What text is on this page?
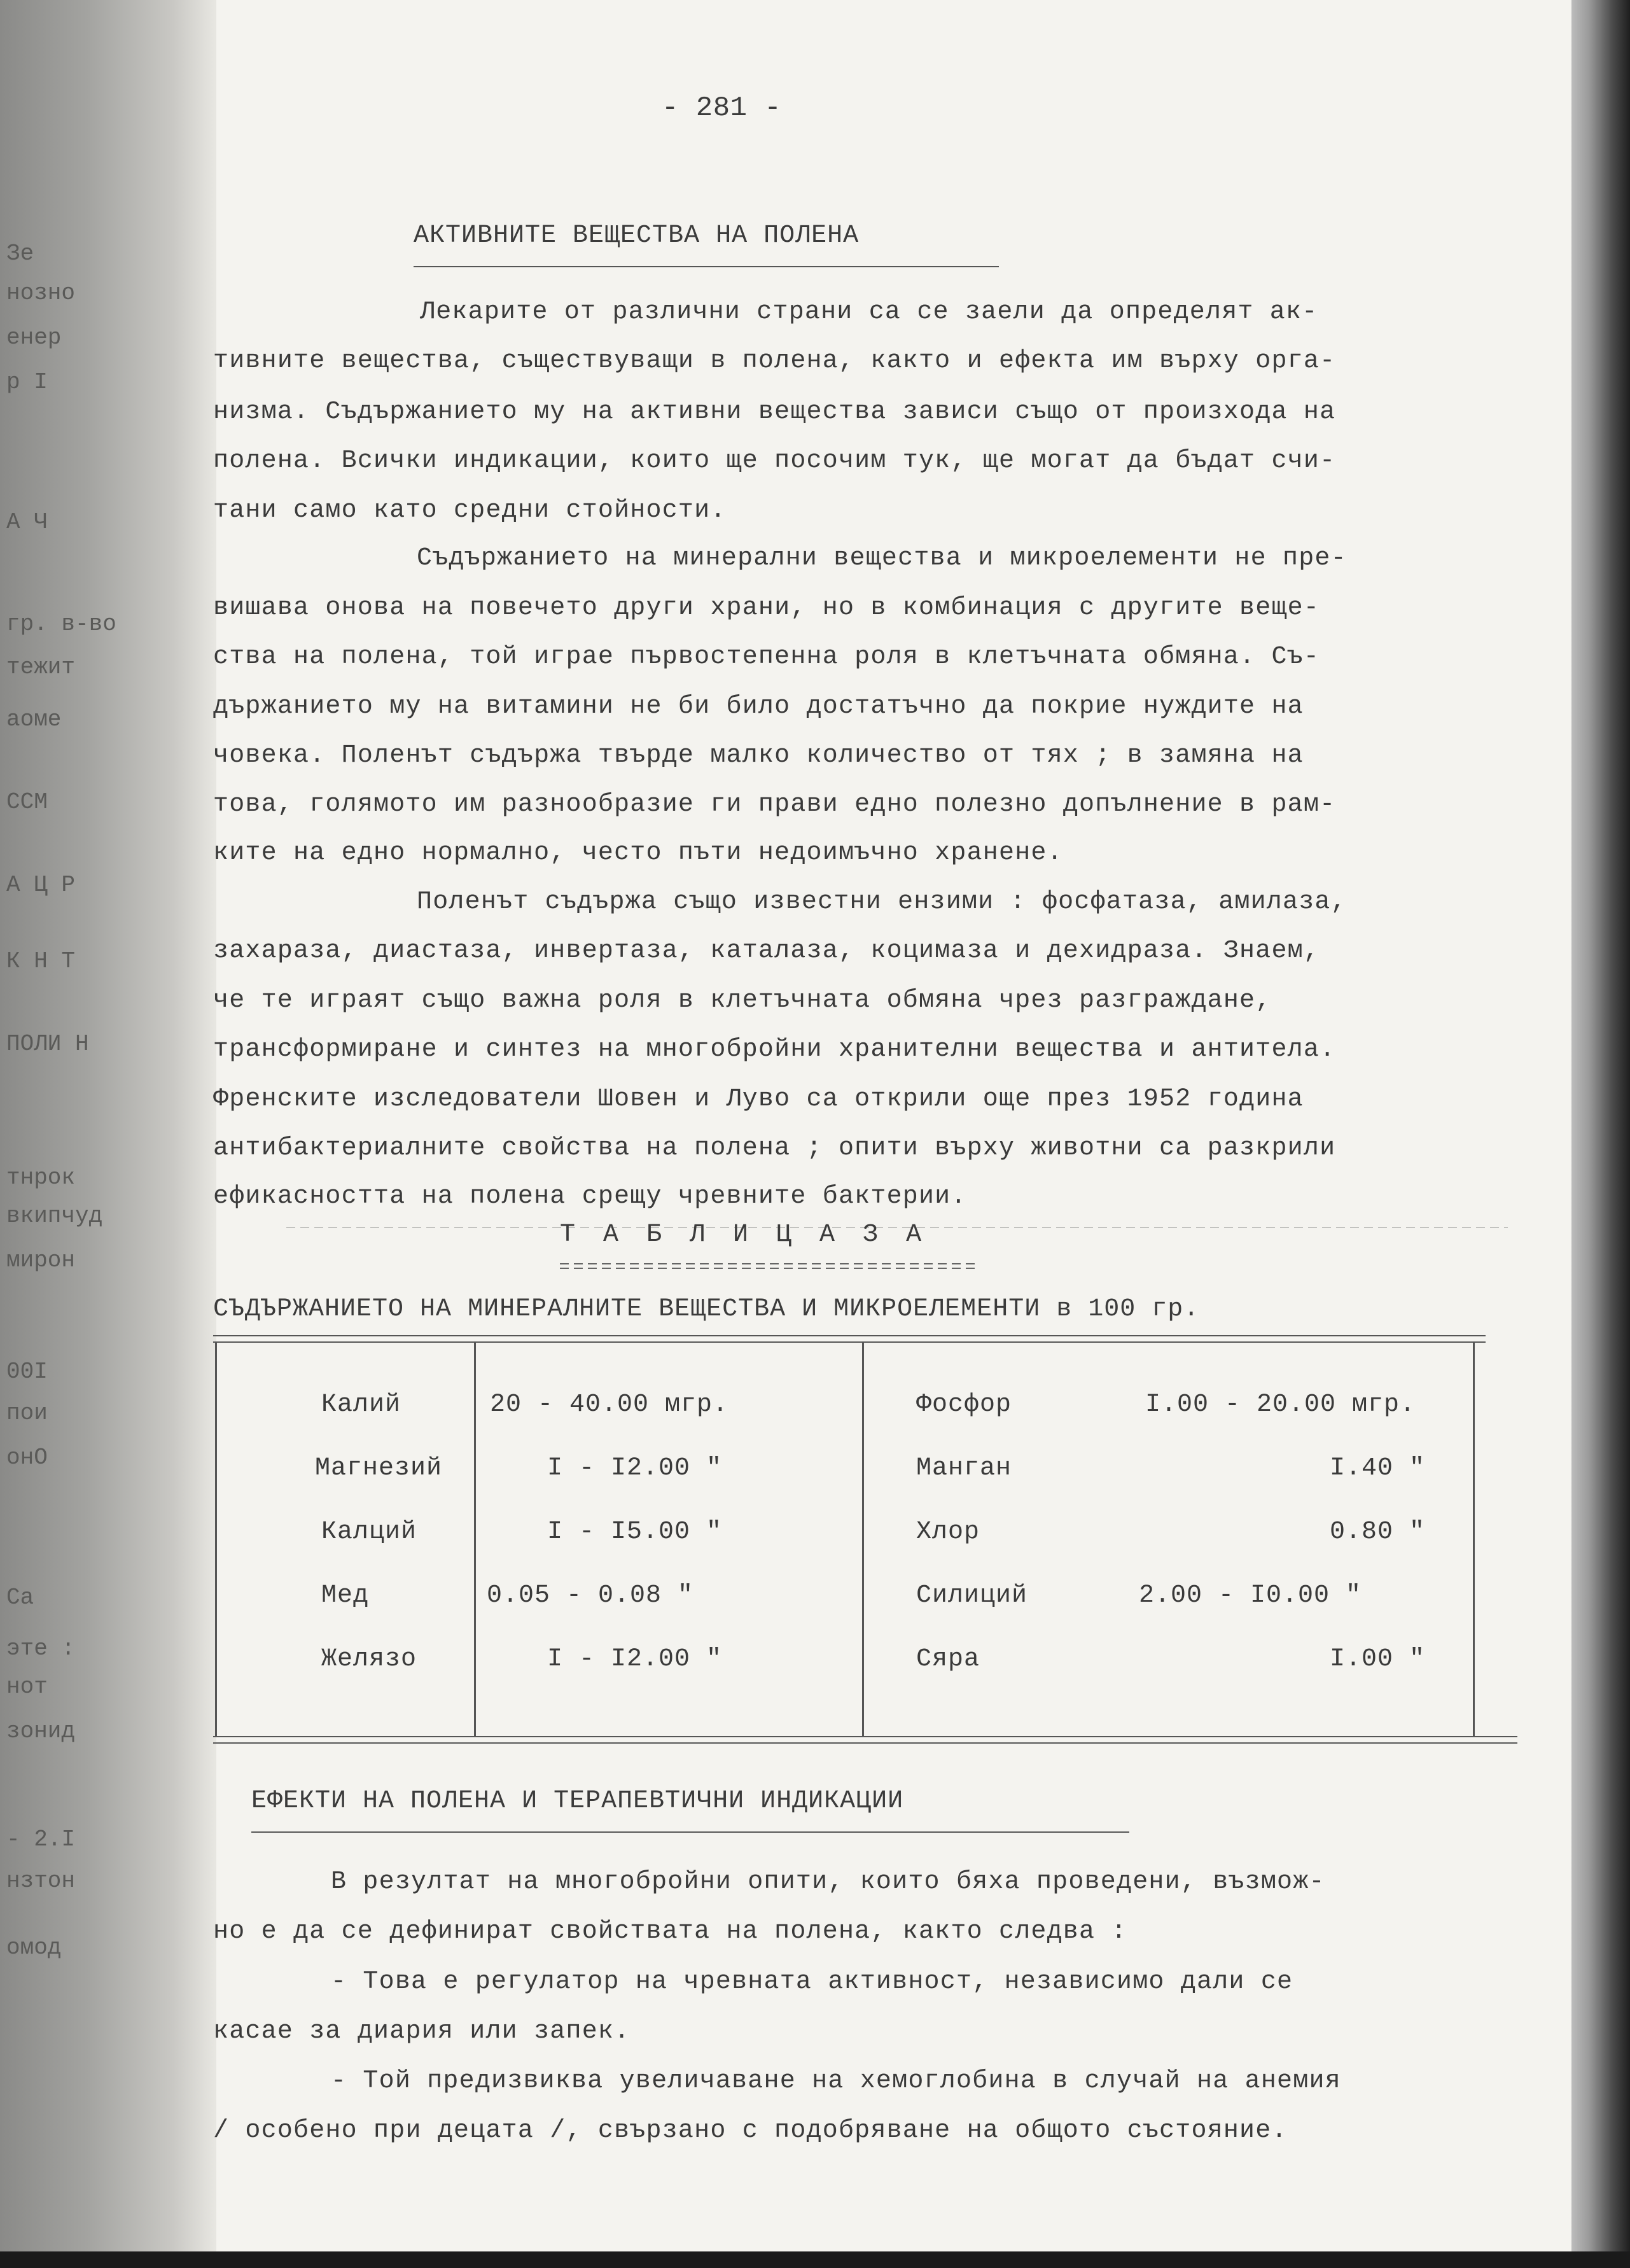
Зе
нозно
енер
р I
А Ч
гр. в-во
тежит
аоме
ССМ
А Ц Р
К Н Т
ПОЛИ Н
тнрок
вкипчуд
мирон
00I
пои
онО
Са
эте :
нот
зонид
- 2.I
нзтон
омод
- 281 -
АКТИВНИТЕ ВЕЩЕСТВА НА ПОЛЕНА
Лекарите от различни страни са се заели да определят ак-
тивните вещества, съществуващи в полена, както и ефекта им върху орга-
низма. Съдържанието му на активни вещества зависи също от произхода на
полена. Всички индикации, които ще посочим тук, ще могат да бъдат счи-
тани само като средни стойности.
Съдържанието на минерални вещества и микроелементи не пре-
вишава онова на повечето други храни, но в комбинация с другите веще-
ства на полена, той играе първостепенна роля в клетъчната обмяна. Съ-
държанието му на витамини не би било достатъчно да покрие нуждите на
човека. Поленът съдържа твърде малко количество от тях ; в замяна на
това, голямото им разнообразие ги прави едно полезно допълнение в рам-
ките на едно нормално, често пъти недоимъчно хранене.
Поленът съдържа също известни ензими : фосфатаза, амилаза,
захараза, диастаза, инвертаза, каталаза, коцимаза и дехидраза. Знаем,
че те играят също важна роля в клетъчната обмяна чрез разграждане,
трансформиране и синтез на многобройни хранителни вещества и антитела.
Френските изследователи Шовен и Луво са открили още през 1952 година
антибактериалните свойства на полена ; опити върху животни са разкрили
ефикасността на полена срещу чревните бактерии.
Т А Б Л И Ц А З А
СЪДЪРЖАНИЕТО НА МИНЕРАЛНИТЕ ВЕЩЕСТВА И МИКРОЕЛЕМЕНТИ в 100 гр.
Калий	20 - 40.00 мгр.
Магнезий	I - I2.00 "
Калций	I - I5.00 "
Мед	0.05 - 0.08 "
Желязо	I - I2.00 "
Фосфор	I.00 - 20.00 мгр.
Манган	I.40 "
Хлор	0.80 "
Силиций	2.00 - I0.00 "
Сяра	I.00 "
ЕФЕКТИ НА ПОЛЕНА И ТЕРАПЕВТИЧНИ ИНДИКАЦИИ
В резултат на многобройни опити, които бяха проведени, възмож-
но е да се дефинират свойствата на полена, както следва :
- Това е регулатор на чревната активност, независимо дали се
касае за диария или запек.
- Той предизвиква увеличаване на хемоглобина в случай на анемия
/ особено при децата /, свързано с подобряване на общото състояние.
